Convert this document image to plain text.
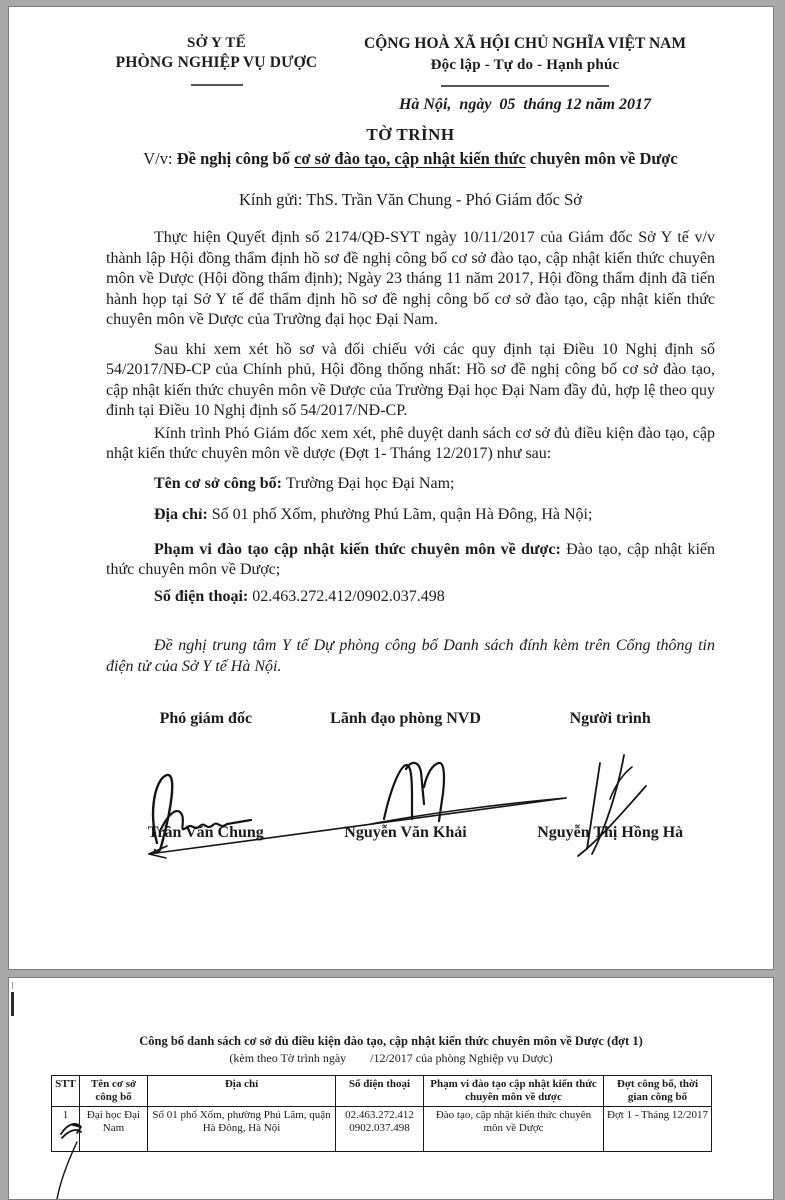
SỞ Y TẾ
PHÒNG NGHIỆP VỤ DƯỢC
CỘNG HOÀ XÃ HỘI CHỦ NGHĨA VIỆT NAM
Độc lập - Tự do - Hạnh phúc
Hà Nội,  ngày  05  tháng 12 năm 2017
TỜ TRÌNH
V/v: Đề nghị công bố cơ sở đào tạo, cập nhật kiến thức chuyên môn về Dược
Kính gửi: ThS. Trần Văn Chung - Phó Giám đốc Sở

Thực hiện Quyết định số 2174/QĐ-SYT ngày 10/11/2017 của Giám đốc Sở Y tế v/v thành lập Hội đồng thẩm định hồ sơ đề nghị công bố cơ sở đào tạo, cập nhật kiến thức chuyên môn về Dược (Hội đồng thẩm định); Ngày 23 tháng 11 năm 2017, Hội đồng thẩm định đã tiến hành họp tại Sở Y tế để thẩm định hồ sơ đề nghị công bố cơ sở đào tạo, cập nhật kiến thức chuyên môn về Dược của Trường đại học Đại Nam.

Sau khi xem xét hồ sơ và đối chiếu với các quy định tại Điều 10 Nghị định số 54/2017/NĐ-CP của Chính phủ, Hội đồng thống nhất: Hồ sơ đề nghị công bố cơ sở đào tạo, cập nhật kiến thức chuyên môn về Dược của Trường Đại học Đại Nam đầy đủ, hợp lệ theo quy đinh tại Điều 10 Nghị định số 54/2017/NĐ-CP.

Kính trình Phó Giám đốc xem xét, phê duyệt danh sách cơ sở đủ điều kiện đào tạo, cập nhật kiến thức chuyên môn về dược (Đợt 1- Tháng 12/2017) như sau:

Tên cơ sở công bố: Trường Đại học Đại Nam;

Địa chỉ: Số 01 phố Xốm, phường Phú Lãm, quận Hà Đông, Hà Nội;

Phạm vi đào tạo cập nhật kiến thức chuyên môn về dược: Đào tạo, cập nhật kiến thức chuyên môn về Dược;

Số điện thoại: 02.463.272.412/0902.037.498

Đề nghị trung tâm Y tế Dự phòng công bố Danh sách đính kèm trên Cổng thông tin điện tử của Sở Y tế Hà Nội.

Phó giám đốc	Lãnh đạo phòng NVD	Người trình
Trần Văn Chung	Nguyễn Văn Khải	Nguyễn Thị Hồng Hà
Công bố danh sách cơ sở đủ điều kiện đào tạo, cập nhật kiến thức chuyên môn về Dược (đợt 1)
(kèm theo Tờ trình ngày        /12/2017 của phòng Nghiệp vụ Dược)
STT	Tên cơ sở công bố	Địa chỉ	Số điện thoại	Phạm vi đào tạo cập nhật kiến thức chuyên môn về dược	Đợt công bố, thời gian công bố
1	Đại học Đại Nam	Số 01 phố Xốm, phường Phú Lãm, quận Hà Đông, Hà Nội	02.463.272.412 0902.037.498	Đào tạo, cập nhật kiến thức chuyên môn về Dược	Đợt 1 - Tháng 12/2017
